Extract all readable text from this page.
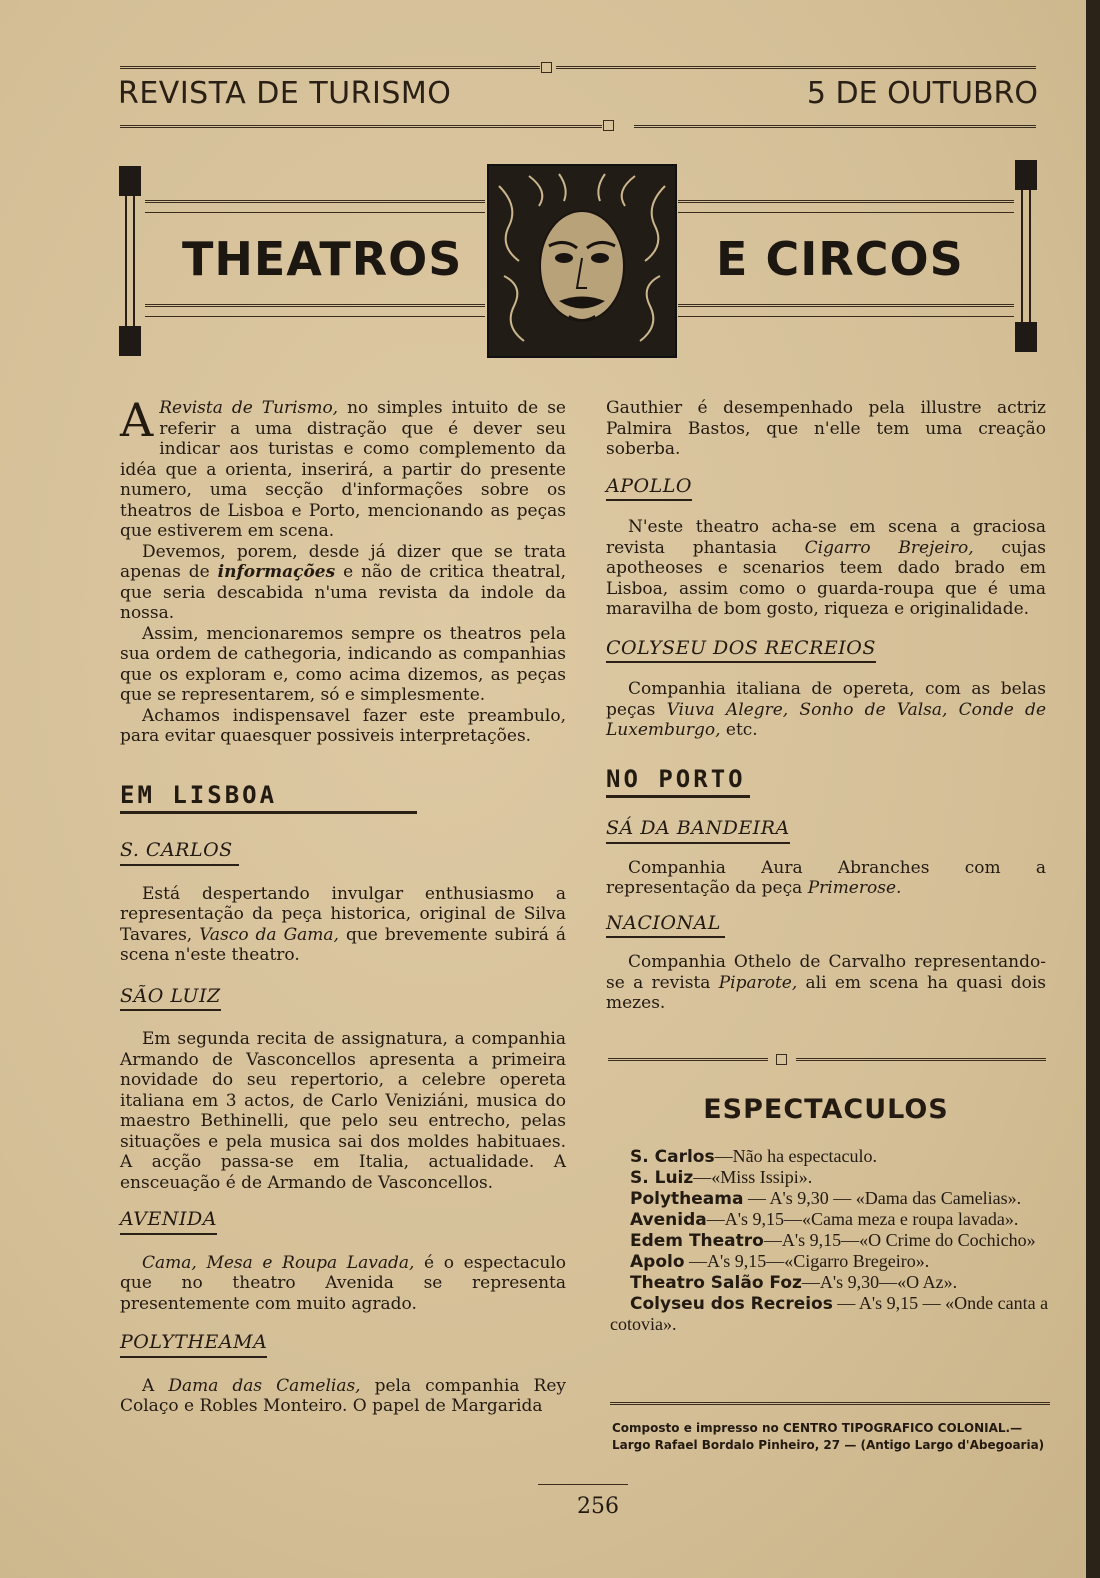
REVISTA DE TURISMO	5 DE OUTUBRO
THEATROS	E CIRCOS

A Revista de Turismo, no simples intuito de se referir a uma distração que é dever seu indicar aos turistas e como complemento da idéa que a orienta, inserirá, a partir do presente numero, uma secção d'informações sobre os theatros de Lisboa e Porto, mencionando as peças que estiverem em scena.

Devemos, porem, desde já dizer que se trata apenas de informações e não de critica theatral, que seria descabida n'uma revista da indole da nossa.

Assim, mencionaremos sempre os theatros pela sua ordem de cathegoria, indicando as companhias que os exploram e, como acima dizemos, as peças que se representarem, só e simplesmente.

Achamos indispensavel fazer este preambulo, para evitar quaesquer possiveis interpretações.

EM LISBOA
S. CARLOS

Está despertando invulgar enthusiasmo a representação da peça historica, original de Silva Tavares, Vasco da Gama, que brevemente subirá á scena n'este theatro.

SÃO LUIZ

Em segunda recita de assignatura, a companhia Armando de Vasconcellos apresenta a primeira novidade do seu repertorio, a celebre opereta italiana em 3 actos, de Carlo Veniziáni, musica do maestro Bethinelli, que pelo seu entrecho, pelas situações e pela musica sai dos moldes habituaes. A acção passa-se em Italia, actualidade. A ensceuação é de Armando de Vasconcellos.

AVENIDA

Cama, Mesa e Roupa Lavada, é o espectaculo que no theatro Avenida se representa presentemente com muito agrado.

POLYTHEAMA

A Dama das Camelias, pela companhia Rey Colaço e Robles Monteiro. O papel de Margarida

Gauthier é desempenhado pela illustre actriz Palmira Bastos, que n'elle tem uma creação soberba.

APOLLO

N'este theatro acha-se em scena a graciosa revista phantasia Cigarro Brejeiro, cujas apotheoses e scenarios teem dado brado em Lisboa, assim como o guarda-roupa que é uma maravilha de bom gosto, riqueza e originalidade.

COLYSEU DOS RECREIOS

Companhia italiana de opereta, com as belas peças Viuva Alegre, Sonho de Valsa, Conde de Luxemburgo, etc.

NO PORTO
SÁ DA BANDEIRA

Companhia Aura Abranches com a representação da peça Primerose.

NACIONAL

Companhia Othelo de Carvalho representando-se a revista Piparote, ali em scena ha quasi dois mezes.

ESPECTACULOS
S. Carlos—Não ha espectaculo.
S. Luiz—«Miss Issipi».
Polytheama — A's 9,30 — «Dama das Camelias».
Avenida—A's 9,15—«Cama meza e roupa lavada».
Edem Theatro—A's 9,15—«O Crime do Cochicho»
Apolo —A's 9,15—«Cigarro Bregeiro».
Theatro Salão Foz—A's 9,30—«O Az».
Colyseu dos Recreios — A's 9,15 — «Onde canta a cotovia».
Composto e impresso no CENTRO TIPOGRAFICO COLONIAL.—
Largo Rafael Bordalo Pinheiro, 27 — (Antigo Largo d'Abegoaria)
256
